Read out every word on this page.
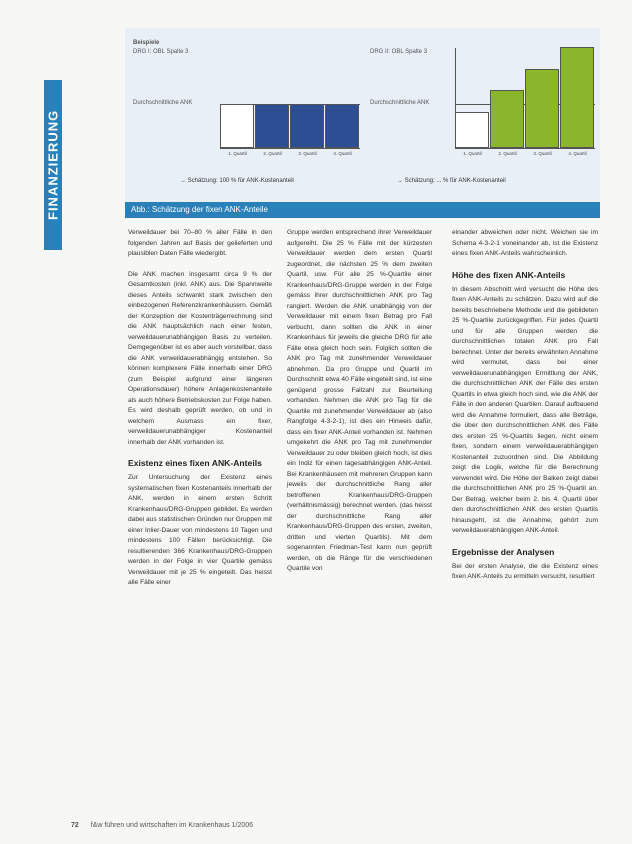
FINANZIERUNG
Beispiele
DRG I: OBL Spalte 3	DRG II: OBL Spalte 3
Durchschnittliche ANK	Durchschnittliche ANK
1. Quartil	2. Quartil	3. Quartil	4. Quartil	1. Quartil	2. Quartil	3. Quartil	4. Quartil
→ Schätzung: 100 % für ANK-Kostenanteil	→ Schätzung: ... % für ANK-Kostenanteil
Abb.: Schätzung der fixen ANK-Anteile

Verweildauer bei 70–80 % aller Fälle in den folgenden Jahren auf Basis der gelieferten und plausiblen Daten Fälle wiedergibt.

Die ANK machen insgesamt circa 9 % der Gesamtkosten (inkl. ANK) aus. Die Spannweite dieses Anteils schwankt stark zwischen den einbezogenen Referenzkrankenhäusern. Gemäß der Konzeption der Kostenträgerrechnung sind die ANK hauptsächlich nach einer festen, verweildauerunabhängigen Basis zu verteilen. Demgegenüber ist es aber auch vorstellbar, dass die ANK verweildauerabhängig entstehen. So können komplexere Fälle innerhalb einer DRG (zum Beispiel aufgrund einer längeren Operationsdauer) höhere Anlagenkostenanteile als auch höhere Betriebskosten zur Folge haben. Es wird deshalb geprüft werden, ob und in welchem Ausmass ein fixer, verweildauerunabhängiger Kostenanteil innerhalb der ANK vorhanden ist.

Existenz eines fixen ANK-Anteils

Zur Untersuchung der Existenz eines systematischen fixen Kostenanteils innerhalb der ANK, werden in einem ersten Schritt Krankenhaus/DRG-Gruppen gebildet. Es werden dabei aus statistischen Gründen nur Gruppen mit einer Inlier-Dauer von mindestens 10 Tagen und mindestens 100 Fällen berücksichtigt. Die resultierenden 366 Krankenhaus/DRG-Gruppen werden in der Folge in vier Quartile gemäss Verweildauer mit je 25 % eingeteilt. Das heisst alle Fälle einer

Gruppe werden entsprechend ihrer Verweildauer aufgereiht. Die 25 % Fälle mit der kürzesten Verweildauer werden dem ersten Quartil zugeordnet, die nächsten 25 % dem zweiten Quartil, usw. Für alle 25 %-Quartile einer Krankenhaus/DRG-Gruppe werden in der Folge gemäss ihrer durchschnittlichen ANK pro Tag rangiert. Werden die ANK unabhängig von der Verweildauer mit einem fixen Betrag pro Fall verbucht, dann sollten die ANK in einer Krankenhaus für jeweils die gleiche DRG für alle Fälle etwa gleich hoch sein. Folglich sollten die ANK pro Tag mit zunehmender Verweildauer abnehmen. Da pro Gruppe und Quartil im Durchschnitt etwa 40 Fälle eingeteilt sind, ist eine genügend grosse Fallzahl zur Beurteilung vorhanden. Nehmen die ANK pro Tag für die Quartile mit zunehmender Verweildauer ab (also Rangfolge 4-3-2-1), ist dies ein Hinweis dafür, dass ein fixer ANK-Anteil vorhanden ist. Nehmen umgekehrt die ANK pro Tag mit zunehmender Verweildauer zu oder bleiben gleich hoch, ist dies ein Indiz für einen tagesabhängigen ANK-Anteil. Bei Krankenhäusern mit mehreren Gruppen kann jeweils der durchschnittliche Rang aller betroffenen Krankenhaus/DRG-Gruppen (verhältnismässig) berechnet werden. (das heisst der durchschnittliche Rang aller Krankenhaus/DRG-Gruppen des ersten, zweiten, dritten und vierten Quartils). Mit dem sogenannten Friedman-Test kann nun geprüft werden, ob die Ränge für die verschiedenen Quartile von

einander abweichen oder nicht. Weichen sie im Schema 4-3-2-1 voneinander ab, ist die Existenz eines fixen ANK-Anteils wahrscheinlich.

Höhe des fixen ANK-Anteils

In diesem Abschnitt wird versucht die Höhe des fixen ANK-Anteils zu schätzen. Dazu wird auf die bereits beschriebene Methode und die gebildeten 25 %-Quartile zurückgegriffen. Für jedes Quartil und für alle Gruppen werden die durchschnittlichen totalen ANK pro Fall berechnet. Unter der bereits erwähnten Annahme wird vermutet, dass bei einer verweildauerunabhängigen Ermittlung der ANK, die durchschnittlichen ANK der Fälle des ersten Quartils in etwa gleich hoch sind, wie die ANK der Fälle in den anderen Quartilen. Darauf aufbauend wird die Annahme formuliert, dass alle Beträge, die über den durchschnittlichen ANK des Fälle des ersten 25 %-Quartils liegen, nicht einem fixen, sondern einem verweildauerabhängigen Kostenanteil zuzuordnen sind. Die Abbildung zeigt die Logik, welche für die Berechnung verwendet wird. Die Höhe der Balken zeigt dabei die durchschnittlichen ANK pro 25 %-Quartil an. Der Betrag, welcher beim 2. bis 4. Quartil über den durchschnittlichen ANK des ersten Quartils hinausgeht, ist die Annahme, gehört zum verweildauerabhängigen ANK-Anteil.

Ergebnisse der Analysen

Bei der ersten Analyse, die die Existenz eines fixen ANK-Anteils zu ermitteln versucht, resultiert

72 f&w führen und wirtschaften im Krankenhaus 1/2006
